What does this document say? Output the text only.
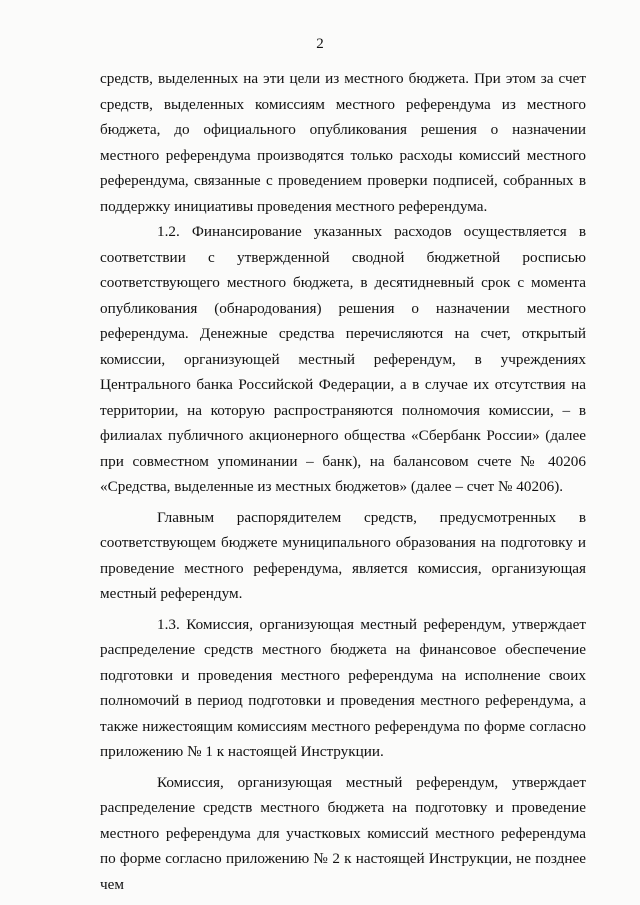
2

средств, выделенных на эти цели из местного бюджета. При этом за счет средств, выделенных комиссиям местного референдума из местного бюджета, до официального опубликования решения о назначении местного референдума производятся только расходы комиссий местного референдума, связанные с проведением проверки подписей, собранных в поддержку инициативы проведения местного референдума.

1.2. Финансирование указанных расходов осуществляется в соответствии с утвержденной сводной бюджетной росписью соответствующего местного бюджета, в десятидневный срок с момента опубликования (обнародования) решения о назначении местного референдума. Денежные средства перечисляются на счет, открытый комиссии, организующей местный референдум, в учреждениях Центрального банка Российской Федерации, а в случае их отсутствия на территории, на которую распространяются полномочия комиссии, – в филиалах публичного акционерного общества «Сбербанк России» (далее при совместном упоминании – банк), на балансовом счете № 40206 «Средства, выделенные из местных бюджетов» (далее – счет № 40206).

Главным распорядителем средств, предусмотренных в соответствующем бюджете муниципального образования на подготовку и проведение местного референдума, является комиссия, организующая местный референдум.

1.3. Комиссия, организующая местный референдум, утверждает распределение средств местного бюджета на финансовое обеспечение подготовки и проведения местного референдума на исполнение своих полномочий в период подготовки и проведения местного референдума, а также нижестоящим комиссиям местного референдума по форме согласно приложению № 1 к настоящей Инструкции.

Комиссия, организующая местный референдум, утверждает распределение средств местного бюджета на подготовку и проведение местного референдума для участковых комиссий местного референдума по форме согласно приложению № 2 к настоящей Инструкции, не позднее чем
